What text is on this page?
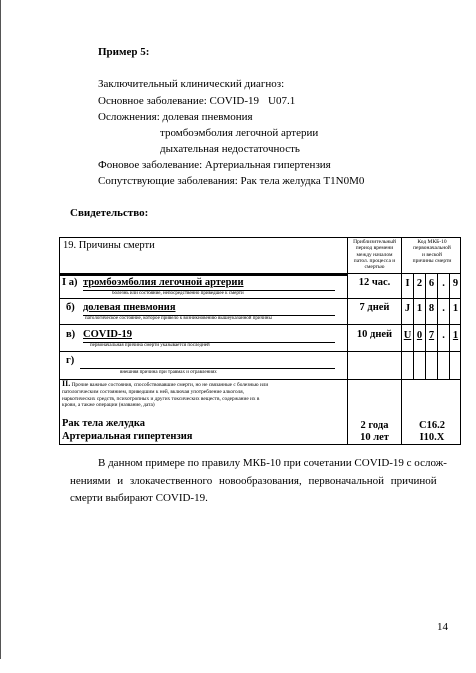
Пример 5:
Заключительный клинический диагноз:
Основное заболевание: COVID-19 U07.1
Осложнения: долевая пневмония
тромбоэмболия легочной артерии
дыхательная недостаточность
Фоновое заболевание: Артериальная гипертензия
Сопутствующие заболевания: Рак тела желудка T1N0M0
Свидетельство:
19. Причины смерти	Приблизительный
период времени
между началом
патол. процесса и
смертью
Код МКБ-10
первоначальной
и веской
причины смерти
I а) тромбоэмболия легочной артерии
болезнь или состояние, непосредственно приведшее к смерти
12 час.
б) долевая пневмония
патологическое состояние, которое привело к возникновению вышеуказанной причины
7 дней
в) COVID-19
первоначальная причина смерти указывается последней
10 дней
г)
внешняя причина при травмах и отравлениях
I 2 6 . 9
J 1 8 . 1
U 0 7 . 1
II. Прочие важные состояния, способствовавшие смерти, но не связанные с болезнью или
патологическим состоянием, приведшим к ней, включая употребление алкоголя,
наркотических средств, психотропных и других токсических веществ, содержание их в
крови, а также операции (название, дата)
Рак тела желудка
Артериальная гипертензия
2 года
10 лет
C16.2
I10.X
В данном примере по правилу МКБ-10 при сочетании COVID-19 с ослож-
нениями и злокачественного новообразования, первоначальной причиной
смерти выбирают COVID-19.
14
